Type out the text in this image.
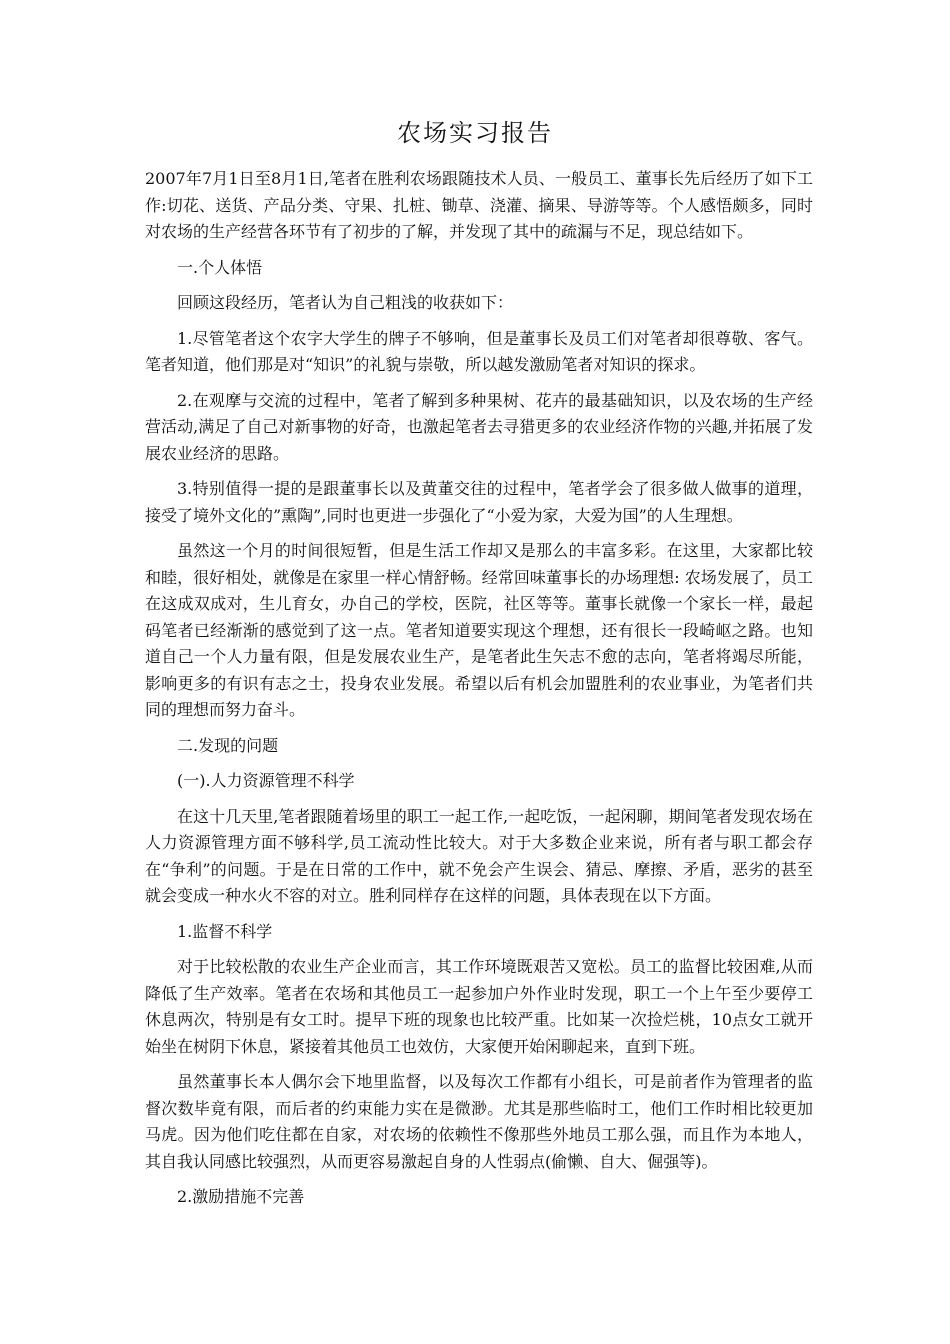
农场实习报告

2007年7月1日至8月1日,笔者在胜利农场跟随技术人员、一般员工、董事长先后经历了如下工作:切花、送货、产品分类、守果、扎桩、锄草、浇灌、摘果、导游等等。个人感悟颇多，同时对农场的生产经营各环节有了初步的了解，并发现了其中的疏漏与不足，现总结如下。

一.个人体悟

回顾这段经历，笔者认为自己粗浅的收获如下：

1.尽管笔者这个农字大学生的牌子不够响，但是董事长及员工们对笔者却很尊敬、客气。笔者知道，他们那是对“知识”的礼貌与崇敬，所以越发激励笔者对知识的探求。

2.在观摩与交流的过程中，笔者了解到多种果树、花卉的最基础知识，以及农场的生产经营活动,满足了自己对新事物的好奇，也激起笔者去寻猎更多的农业经济作物的兴趣,并拓展了发展农业经济的思路。

3.特别值得一提的是跟董事长以及黄董交往的过程中，笔者学会了很多做人做事的道理，接受了境外文化的”熏陶”,同时也更进一步强化了“小爱为家，大爱为国”的人生理想。

虽然这一个月的时间很短暂，但是生活工作却又是那么的丰富多彩。在这里，大家都比较和睦，很好相处，就像是在家里一样心情舒畅。经常回味董事长的办场理想: 农场发展了，员工在这成双成对，生儿育女，办自己的学校，医院，社区等等。董事长就像一个家长一样，最起码笔者已经渐渐的感觉到了这一点。笔者知道要实现这个理想，还有很长一段崎岖之路。也知道自己一个人力量有限，但是发展农业生产，是笔者此生矢志不愈的志向，笔者将竭尽所能，影响更多的有识有志之士，投身农业发展。希望以后有机会加盟胜利的农业事业，为笔者们共同的理想而努力奋斗。

二.发现的问题

(一).人力资源管理不科学

在这十几天里,笔者跟随着场里的职工一起工作,一起吃饭，一起闲聊，期间笔者发现农场在人力资源管理方面不够科学,员工流动性比较大。对于大多数企业来说，所有者与职工都会存在“争利”的问题。于是在日常的工作中，就不免会产生误会、猜忌、摩擦、矛盾，恶劣的甚至就会变成一种水火不容的对立。胜利同样存在这样的问题，具体表现在以下方面。

1.监督不科学

对于比较松散的农业生产企业而言，其工作环境既艰苦又宽松。员工的监督比较困难,从而降低了生产效率。笔者在农场和其他员工一起参加户外作业时发现，职工一个上午至少要停工休息两次，特别是有女工时。提早下班的现象也比较严重。比如某一次捡烂桃，10点女工就开始坐在树阴下休息，紧接着其他员工也效仿，大家便开始闲聊起来，直到下班。

虽然董事长本人偶尔会下地里监督，以及每次工作都有小组长，可是前者作为管理者的监督次数毕竟有限，而后者的约束能力实在是微渺。尤其是那些临时工，他们工作时相比较更加马虎。因为他们吃住都在自家，对农场的依赖性不像那些外地员工那么强，而且作为本地人，其自我认同感比较强烈，从而更容易激起自身的人性弱点(偷懒、自大、倔强等)。

2.激励措施不完善
